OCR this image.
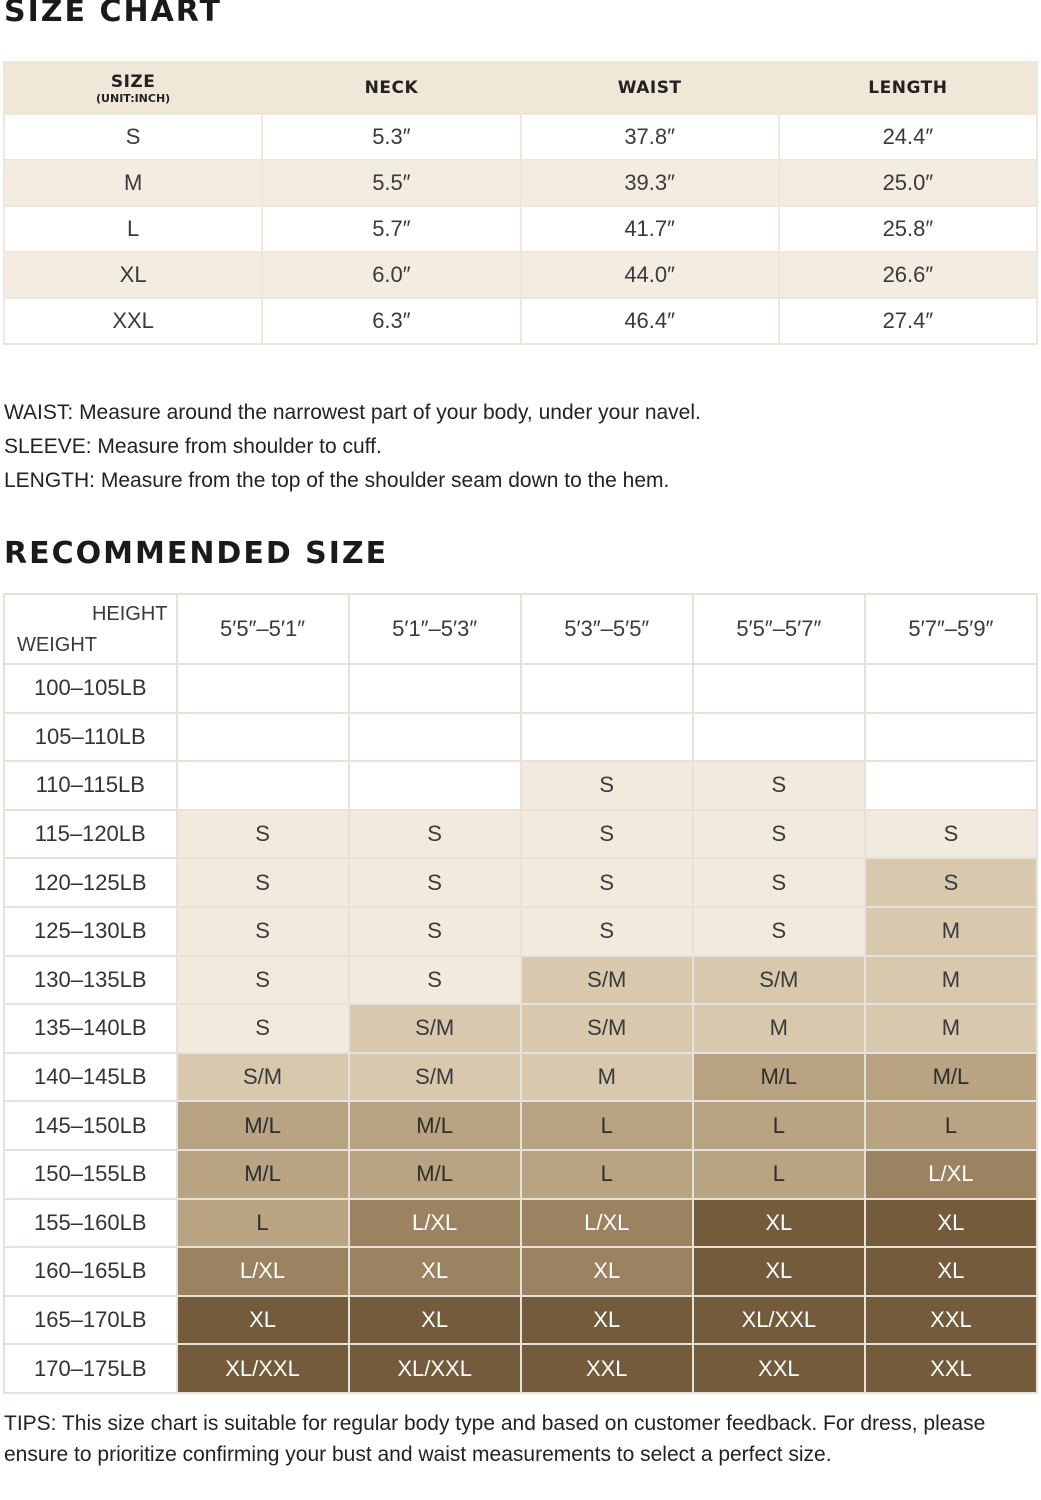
SIZE CHART
SIZE
(UNIT:INCH)	NECK	WAIST	LENGTH
S	5.3″	37.8″	24.4″
M	5.5″	39.3″	25.0″
L	5.7″	41.7″	25.8″
XL	6.0″	44.0″	26.6″
XXL	6.3″	46.4″	27.4″
WAIST: Measure around the narrowest part of your body, under your navel.
SLEEVE: Measure from shoulder to cuff.
LENGTH: Measure from the top of the shoulder seam down to the hem.
RECOMMENDED SIZE
HEIGHT
WEIGHT	5′5″–5′1″	5′1″–5′3″	5′3″–5′5″	5′5″–5′7″	5′7″–5′9″
100–105LB					
105–110LB					
110–115LB			S	S	
115–120LB	S	S	S	S	S
120–125LB	S	S	S	S	S
125–130LB	S	S	S	S	M
130–135LB	S	S	S/M	S/M	M
135–140LB	S	S/M	S/M	M	M
140–145LB	S/M	S/M	M	M/L	M/L
145–150LB	M/L	M/L	L	L	L
150–155LB	M/L	M/L	L	L	L/XL
155–160LB	L	L/XL	L/XL	XL	XL
160–165LB	L/XL	XL	XL	XL	XL
165–170LB	XL	XL	XL	XL/XXL	XXL
170–175LB	XL/XXL	XL/XXL	XXL	XXL	XXL
TIPS: This size chart is suitable for regular body type and based on customer feedback. For dress, please ensure to prioritize confirming your bust and waist measurements to select a perfect size.
